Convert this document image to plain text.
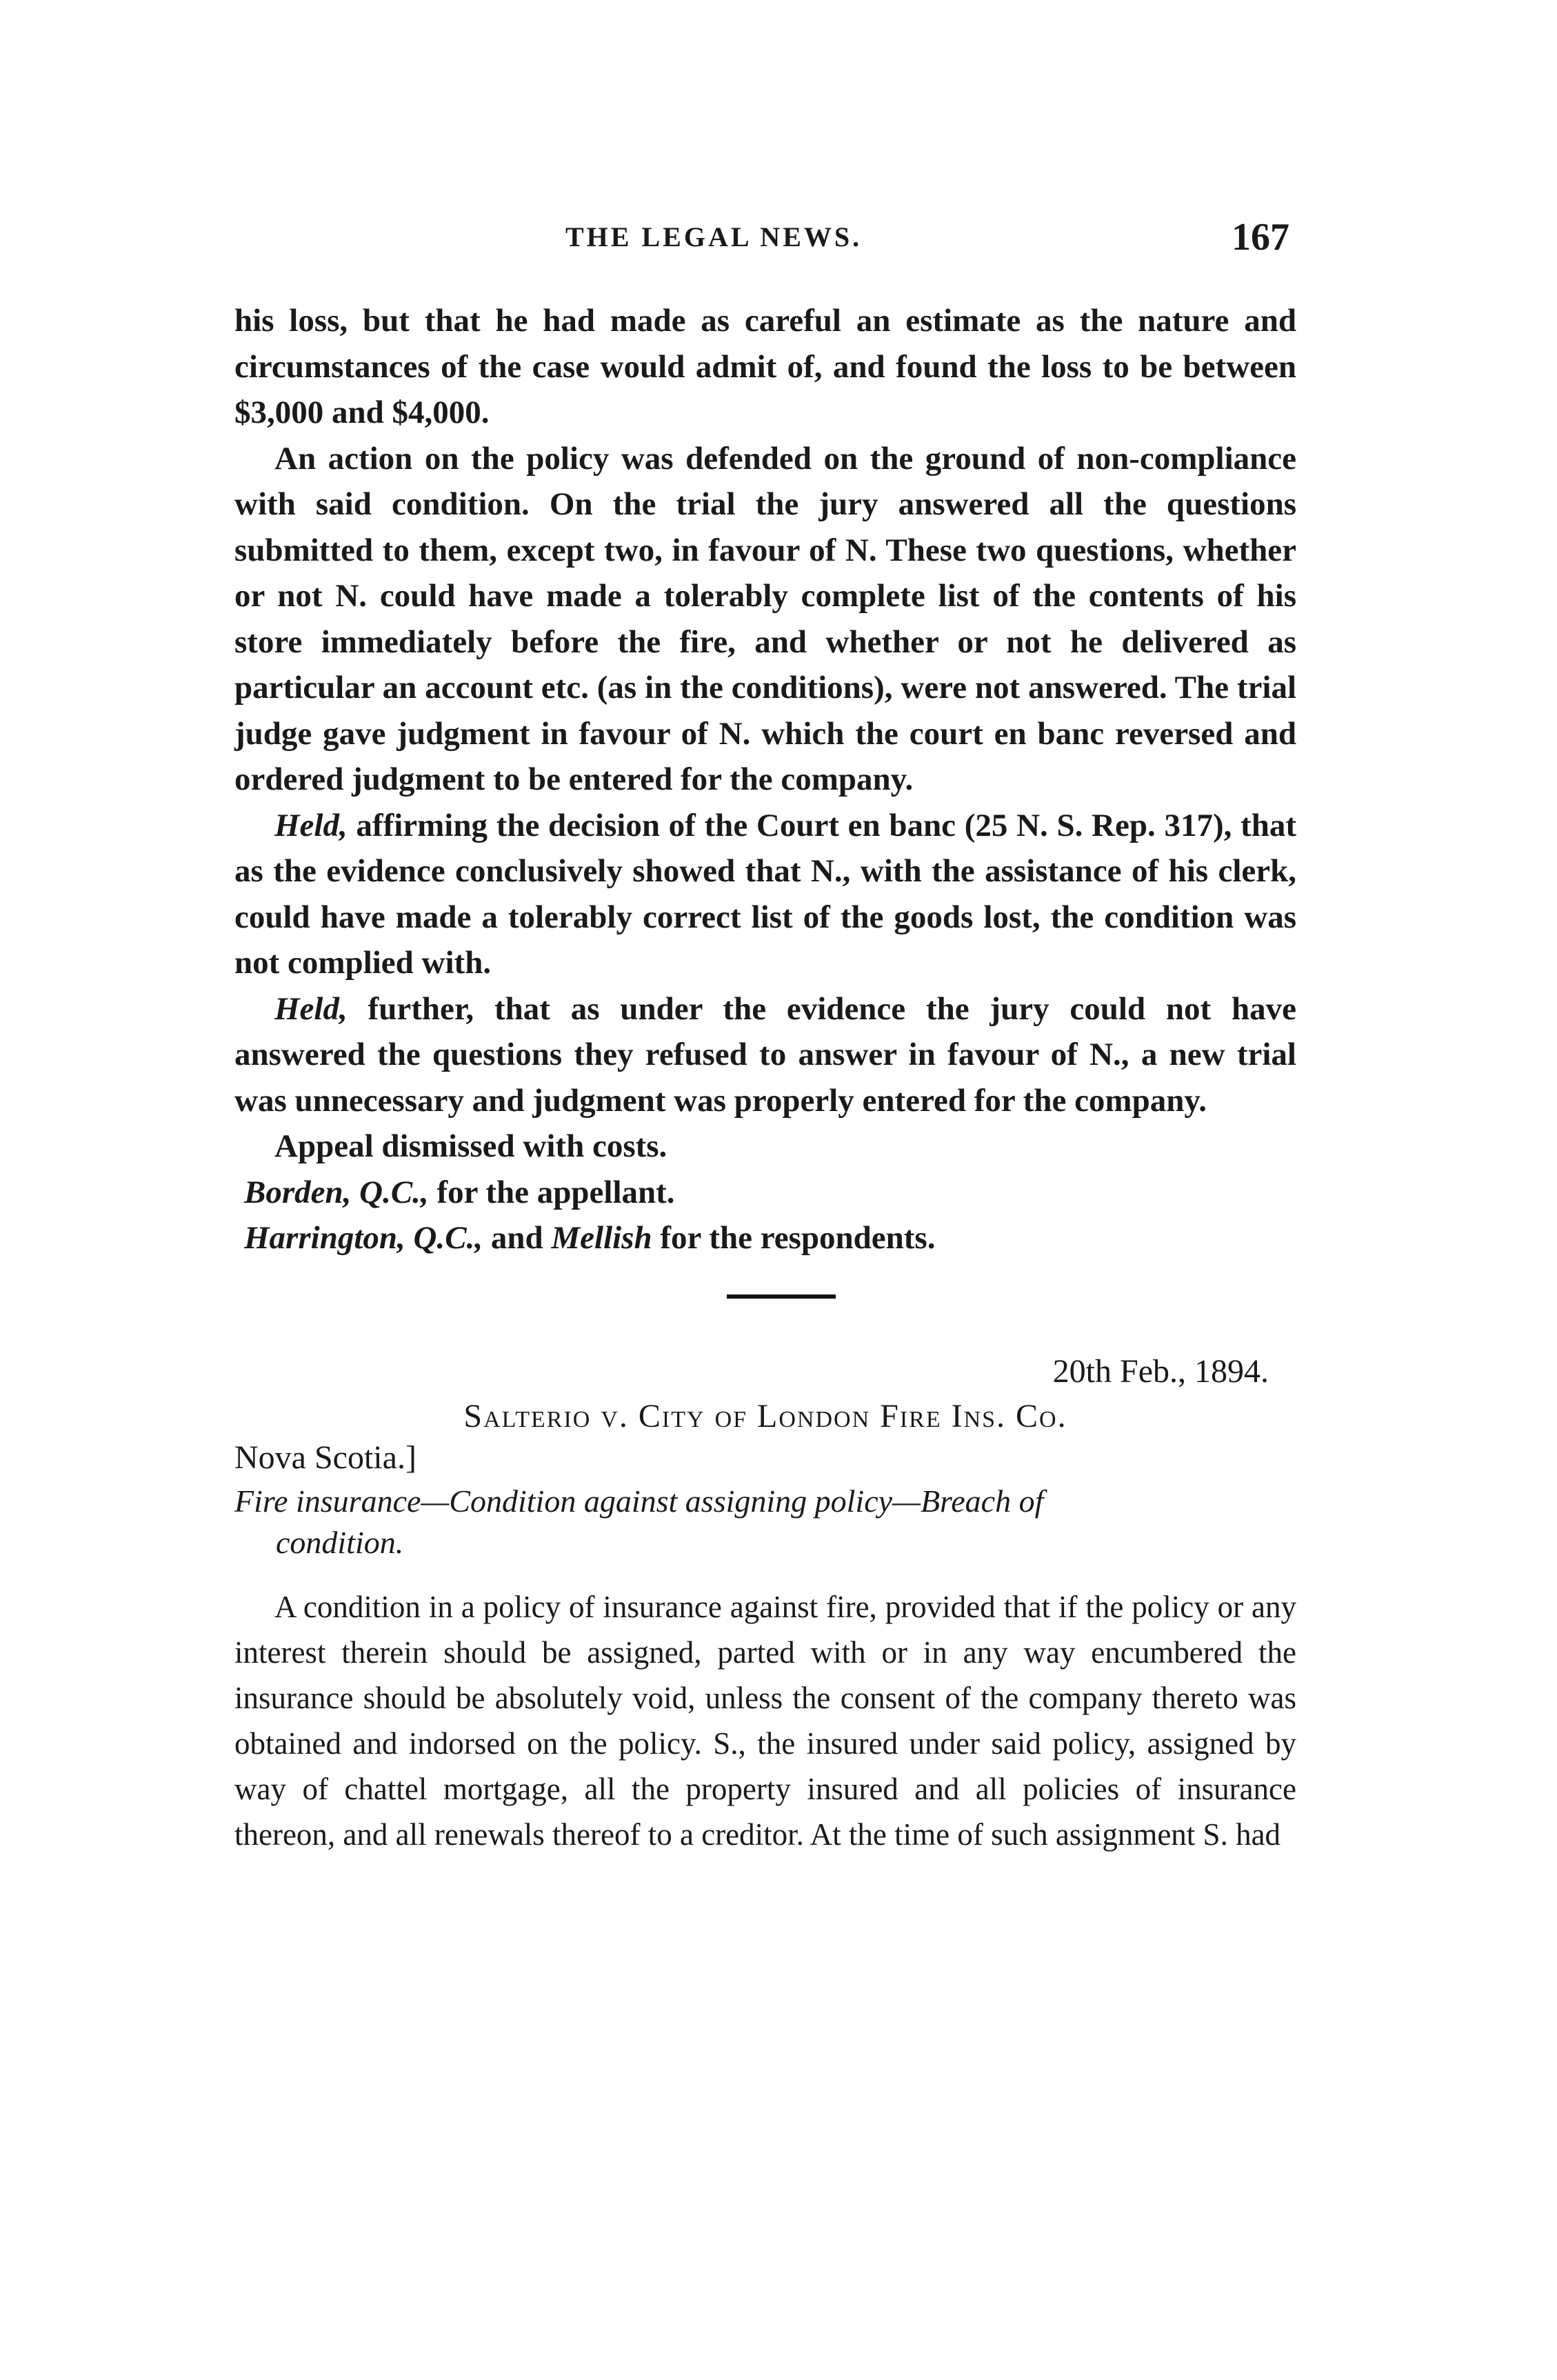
THE LEGAL NEWS.	167

his loss, but that he had made as careful an estimate as the nature and circumstances of the case would admit of, and found the loss to be between $3,000 and $4,000.

An action on the policy was defended on the ground of non-compliance with said condition. On the trial the jury answered all the questions submitted to them, except two, in favour of N. These two questions, whether or not N. could have made a tolerably complete list of the contents of his store immediately before the fire, and whether or not he delivered as particular an account etc. (as in the conditions), were not answered. The trial judge gave judgment in favour of N. which the court en banc reversed and ordered judgment to be entered for the company.

Held, affirming the decision of the Court en banc (25 N. S. Rep. 317), that as the evidence conclusively showed that N., with the assistance of his clerk, could have made a tolerably correct list of the goods lost, the condition was not complied with.

Held, further, that as under the evidence the jury could not have answered the questions they refused to answer in favour of N., a new trial was unnecessary and judgment was properly entered for the company.

Appeal dismissed with costs.

Borden, Q.C., for the appellant.

Harrington, Q.C., and Mellish for the respondents.

20th Feb., 1894.
Salterio v. City of London Fire Ins. Co.
Nova Scotia.]
Fire insurance—Condition against assigning policy—Breach of
condition.

A condition in a policy of insurance against fire, provided that if the policy or any interest therein should be assigned, parted with or in any way encumbered the insurance should be absolutely void, unless the consent of the company thereto was obtained and indorsed on the policy. S., the insured under said policy, assigned by way of chattel mortgage, all the property insured and all policies of insurance thereon, and all renewals thereof to a creditor. At the time of such assignment S. had
